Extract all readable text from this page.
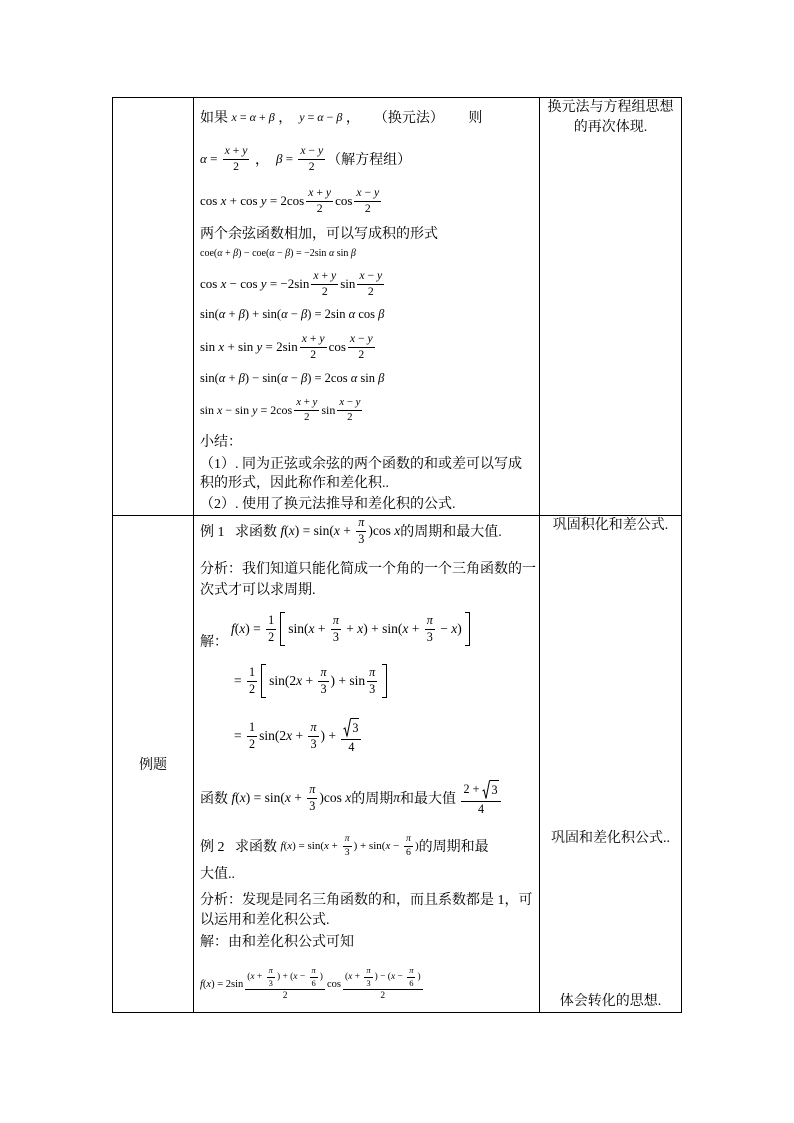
如果 x = α + β ， y = α − β ，    （换元法）       则
$\alpha = \frac{x + y}{2}$ ， $\beta = \frac{x - y}{2}$ （解方程组）
$\cos x + \cos y = 2\cos \frac{x + y}{2}$ $\cos \frac{x - y}{2}$
两个余弦函数相加，可以写成积的形式
coe(α + β) − coe(α − β) = −2sin α sin β
$\cos x - \cos y = -2\sin \frac{x + y}{2}$ $\sin \frac{x - y}{2}$
sin(α + β) + sin(α − β) = 2sin α cos β
$\sin x + \sin y = 2\sin \frac{x + y}{2}$ $\cos \frac{x - y}{2}$
sin(α + β) − sin(α − β) = 2cos α sin β
$\sin x - \sin y = 2\cos \frac{x + y}{2}$ $\sin \frac{x - y}{2}$
小结：
（1）. 同为正弦或余弦的两个函数的和或差可以写成
积的形式，因此称作和差化积..
（2）. 使用了换元法推导和差化积的公式.
换元法与方程组思想
的再次体现.
例题
例 1   求函数 $f(x) = \sin(x + \frac{\pi}{3} )\cos$ x 的周期和最大值.
分析：我们知道只能化简成一个角的一个三角函数的一
次式才可以求周期.
解：
$f(x) = \frac{1}{2} \sin(x + \frac{\pi}{3} + x) + \sin(x + \frac{\pi}{3} - x)$
= $\frac{1}{2} \sin(2x + \frac{\pi}{3}$ ) + $\sin \frac{\pi}{3}$
= $\frac{1}{2} \sin(2x + \frac{\pi}{3}$ ) + $\frac{3}{4}$
函数 $f(x) = \sin(x + \frac{\pi}{3} )\cos$ x 的周期 π 和最大值 $\frac{2 + 3}{4}$
例 2   求函数 $f(x) = \sin(x + \frac{\pi}{3}$ ) + $\sin(x - \frac{\pi}{6}$ ) 的周期和最
大值..
分析：发现是同名三角函数的和，而且系数都是 1，可
以运用和差化积公式.
解：由和差化积公式可知
$f(x) = 2\sin \frac{(x + \frac{\pi}{3} ) + (x - \frac{\pi}{6} )}{2}$ $\cos \frac{(x + \frac{\pi}{3} ) - (x - \frac{\pi}{6} )}{2}$
巩固积化和差公式.
巩固和差化积公式..
体会转化的思想.
